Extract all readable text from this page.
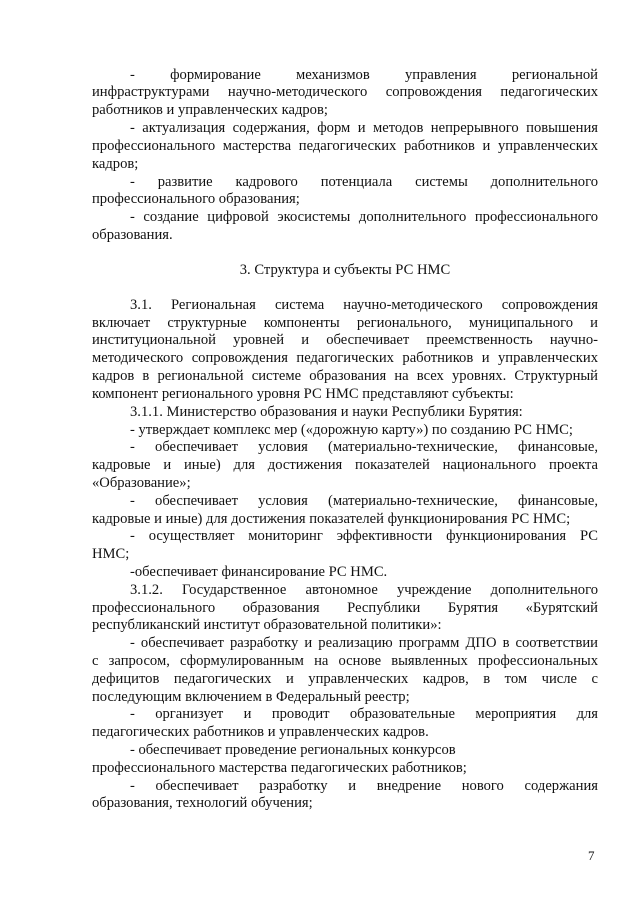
- формирование механизмов управления региональной

инфраструктурами научно-методического сопровождения педагогических

работников и управленческих кадров;

- актуализация содержания, форм и методов непрерывного повышения

профессионального мастерства педагогических работников и управленческих

кадров;

- развитие кадрового потенциала системы дополнительного

профессионального образования;

- создание цифровой экосистемы дополнительного профессионального

образования.

3. Структура и субъекты РС НМС

3.1. Региональная система научно-методического сопровождения

включает структурные компоненты регионального, муниципального и

институциональной уровней и обеспечивает преемственность научно-

методического сопровождения педагогических работников и управленческих

кадров в региональной системе образования на всех уровнях. Структурный

компонент регионального уровня РС НМС представляют субъекты:

3.1.1. Министерство образования и науки Республики Бурятия:

- утверждает комплекс мер («дорожную карту») по созданию РС НМС;

- обеспечивает условия (материально-технические, финансовые,

кадровые и иные) для достижения показателей национального проекта

«Образование»;

- обеспечивает условия (материально-технические, финансовые,

кадровые и иные) для достижения показателей функционирования РС НМС;

- осуществляет мониторинг эффективности функционирования РС

НМС;

-обеспечивает финансирование РС НМС.

3.1.2. Государственное автономное учреждение дополнительного

профессионального образования Республики Бурятия «Бурятский

республиканский институт образовательной политики»:

- обеспечивает разработку и реализацию программ ДПО в соответствии

с запросом, сформулированным на основе выявленных профессиональных

дефицитов педагогических и управленческих кадров, в том числе с

последующим включением в Федеральный реестр;

- организует и проводит образовательные мероприятия для

педагогических работников и управленческих кадров.

- обеспечивает проведение региональных конкурсов

профессионального мастерства педагогических работников;

- обеспечивает разработку и внедрение нового содержания

образования, технологий обучения;

7
